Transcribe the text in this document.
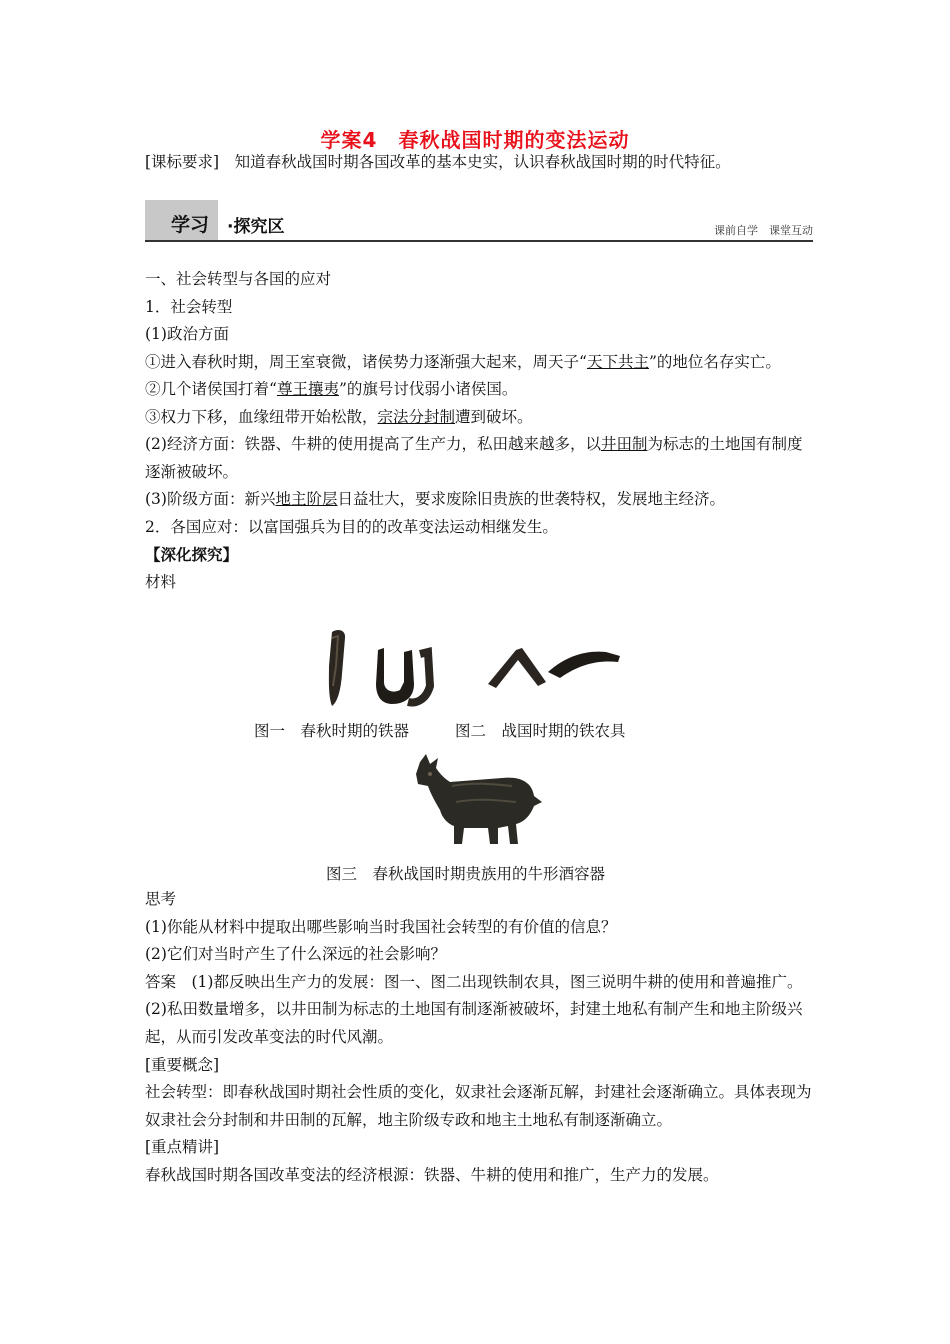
学案4　春秋战国时期的变法运动
[课标要求]　知道春秋战国时期各国改革的基本史实，认识春秋战国时期的时代特征。
学习 ·探究区	课前自学　课堂互动

一、社会转型与各国的应对

1．社会转型

(1)政治方面

①进入春秋时期，周王室衰微，诸侯势力逐渐强大起来，周天子“天下共主”的地位名存实亡。

②几个诸侯国打着“尊王攘夷”的旗号讨伐弱小诸侯国。

③权力下移，血缘纽带开始松散，宗法分封制遭到破坏。

(2)经济方面：铁器、牛耕的使用提高了生产力，私田越来越多，以井田制为标志的土地国有制度逐渐被破坏。

(3)阶级方面：新兴地主阶层日益壮大，要求废除旧贵族的世袭特权，发展地主经济。

2．各国应对：以富国强兵为目的的改革变法运动相继发生。

【深化探究】

材料

图一　春秋时期的铁器	图二　战国时期的铁农具
图三　春秋战国时期贵族用的牛形酒容器

思考

(1)你能从材料中提取出哪些影响当时我国社会转型的有价值的信息？

(2)它们对当时产生了什么深远的社会影响？

答案　(1)都反映出生产力的发展：图一、图二出现铁制农具，图三说明牛耕的使用和普遍推广。

(2)私田数量增多，以井田制为标志的土地国有制逐渐被破坏，封建土地私有制产生和地主阶级兴起，从而引发改革变法的时代风潮。

[重要概念]

社会转型：即春秋战国时期社会性质的变化，奴隶社会逐渐瓦解，封建社会逐渐确立。具体表现为奴隶社会分封制和井田制的瓦解，地主阶级专政和地主土地私有制逐渐确立。

[重点精讲]

春秋战国时期各国改革变法的经济根源：铁器、牛耕的使用和推广，生产力的发展。
